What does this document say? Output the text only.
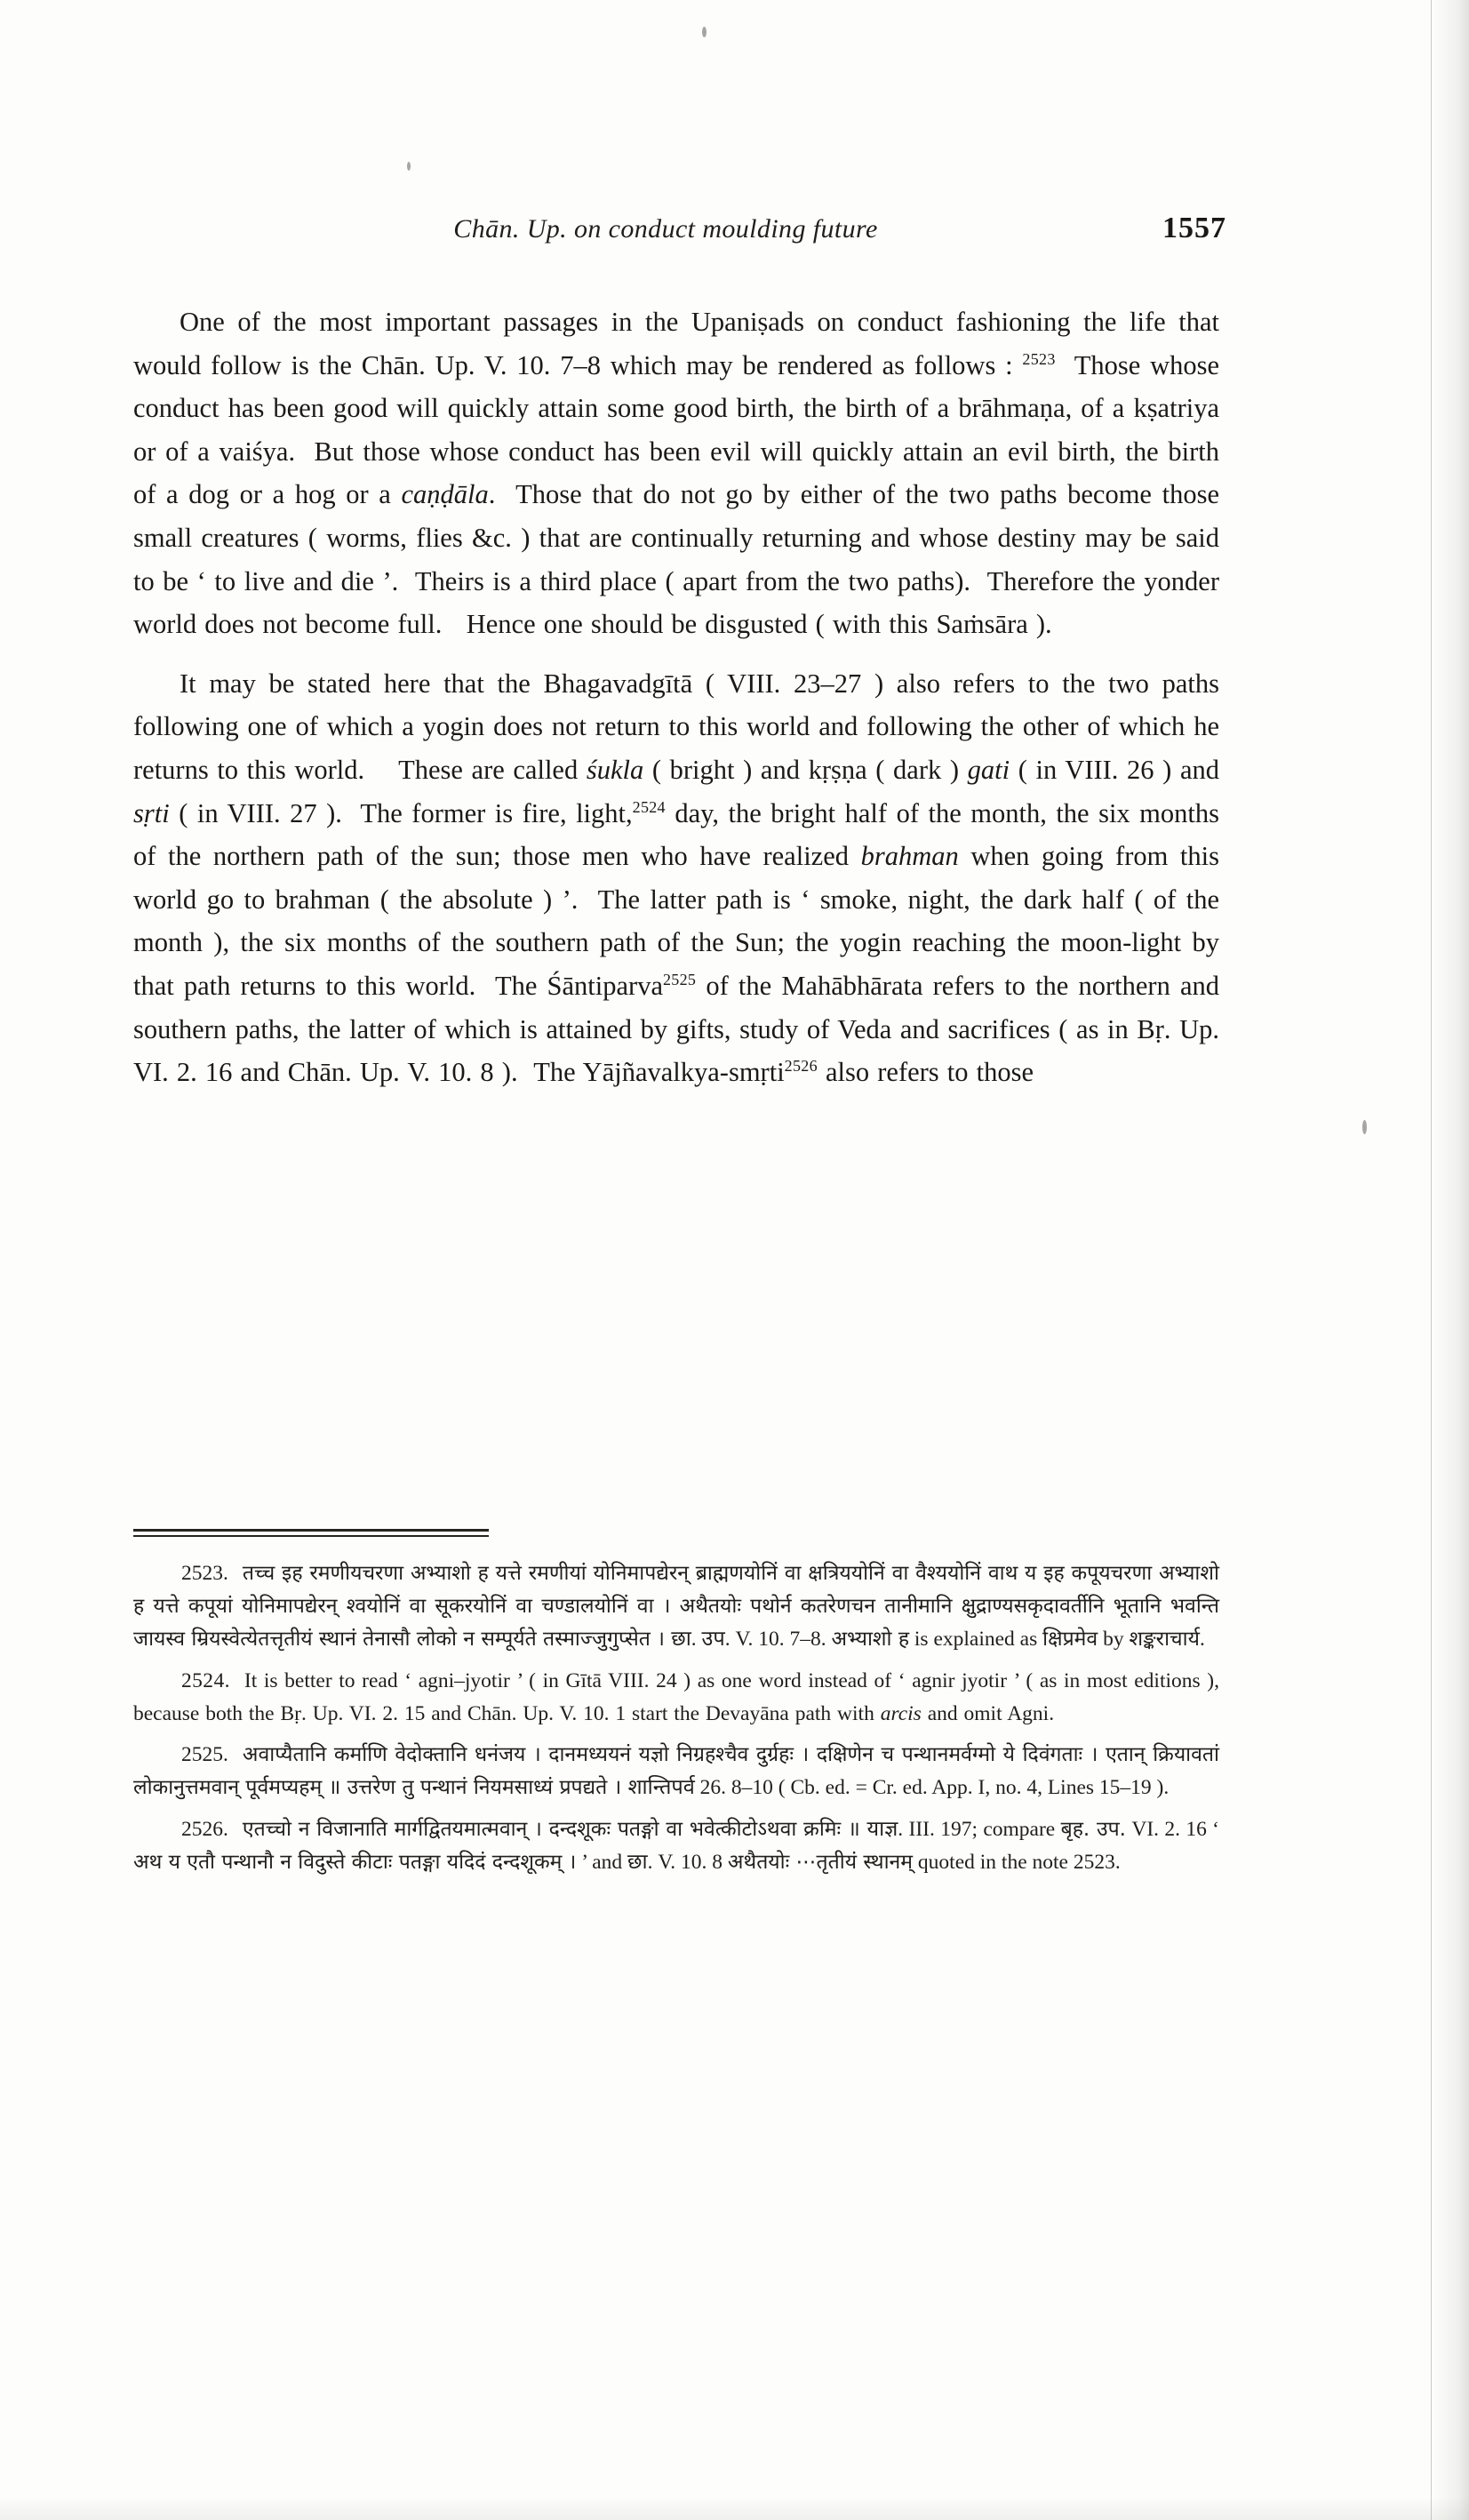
Chān. Up. on conduct moulding future	1557

One of the most important passages in the Upaniṣads on conduct fashioning the life that would follow is the Chān. Up. V. 10. 7–8 which may be rendered as follows : $^{2523}$  Those whose conduct has been good will quickly attain some good birth, the birth of a brāhmaṇa, of a kṣatriya or of a vaiśya.  But those whose conduct has been evil will quickly attain an evil birth, the birth of a dog or a hog or a caṇḍāla.  Those that do not go by either of the two paths become those small creatures ( worms, flies &c. ) that are continually returning and whose destiny may be said to be ‘ to live and die ’.  Theirs is a third place ( apart from the two paths).  Therefore the yonder world does not become full.   Hence one should be disgusted ( with this Saṁsāra ).

It may be stated here that the Bhagavadgītā ( VIII. 23–27 ) also refers to the two paths following one of which a yogin does not return to this world and following the other of which he returns to this world.    These are called śukla ( bright ) and kṛṣṇa ( dark ) gati ( in VIII. 26 ) and sṛti ( in VIII. 27 ).  The former is fire, light,$^{2524}$ day, the bright half of the month, the six months of the northern path of the sun; those men who have realized brahman when going from this world go to brahman ( the absolute ) ’.  The latter path is ‘ smoke, night, the dark half ( of the month ), the six months of the southern path of the Sun; the yogin reaching the moon-light by that path returns to this world.  The Śāntiparva$^{2525}$ of the Mahābhārata refers to the northern and southern paths, the latter of which is attained by gifts, study of Veda and sacrifices ( as in Bṛ. Up. VI. 2. 16 and Chān. Up. V. 10. 8 ).  The Yājñavalkya-smṛti$^{2526}$ also refers to those

2523. तच्च इह रमणीयचरणा अभ्याशो ह यत्ते रमणीयां योनिमापद्येरन् ब्राह्मणयोनिं वा क्षत्रिययोनिं वा वैश्ययोनिं वाथ य इह कपूयचरणा अभ्याशो ह यत्ते कपूयां योनिमापद्येरन् श्वयोनिं वा सूकरयोनिं वा चण्डालयोनिं वा । अथैतयोः पथोर्न कतरेणचन तानीमानि क्षुद्राण्यसकृदावर्तीनि भूतानि भवन्ति जायस्व म्रियस्वेत्येतत्तृतीयं स्थानं तेनासौ लोको न सम्पूर्यते तस्माज्जुगुप्सेत । छा. उप. V. 10. 7–8. अभ्याशो ह is explained as क्षिप्रमेव by शङ्कराचार्य.

2524. It is better to read ‘ agni–jyotir ’ ( in Gītā VIII. 24 ) as one word instead of ‘ agnir jyotir ’ ( as in most editions ), because both the Bṛ. Up. VI. 2. 15 and Chān. Up. V. 10. 1 start the Devayāna path with arcis and omit Agni.

2525. अवाप्यैतानि कर्माणि वेदोक्तानि धनंजय । दानमध्ययनं यज्ञो निग्रहश्चैव दुर्ग्रहः । दक्षिणेन च पन्थानमर्वग्मो ये दिवंगताः । एतान् क्रियावतां लोकानुत्तमवान् पूर्वमप्यहम् ॥ उत्तरेण तु पन्थानं नियमसाध्यं प्रपद्यते । शान्तिपर्व 26. 8–10 ( Cb. ed. = Cr. ed. App. I, no. 4, Lines 15–19 ).

2526. एतच्चो न विजानाति मार्गद्वितयमात्मवान् । दन्दशूकः पतङ्गो वा भवेत्कीटोऽथवा क्रमिः ॥ याज्ञ. III. 197; compare बृह. उप. VI. 2. 16 ‘ अथ य एतौ पन्थानौ न विदुस्ते कीटाः पतङ्गा यदिदं दन्दशूकम् । ’ and छा. V. 10. 8 अथैतयोः ⋯तृतीयं स्थानम् quoted in the note 2523.
